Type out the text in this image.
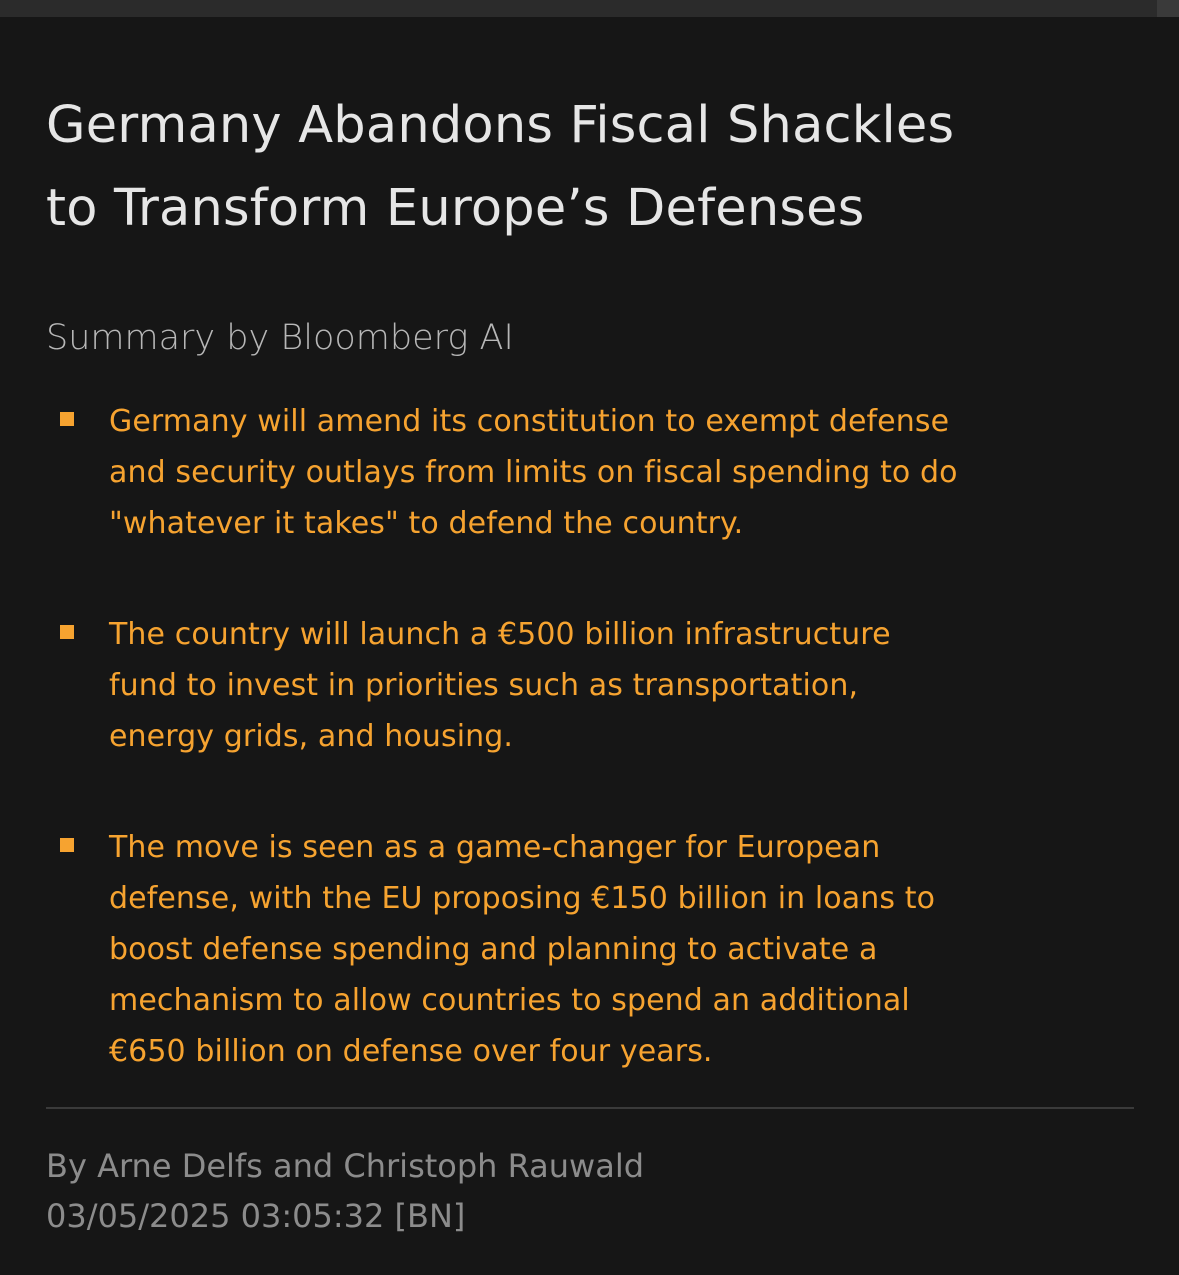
Germany Abandons Fiscal Shackles
to Transform Europe’s Defenses
Summary by Bloomberg AI
Germany will amend its constitution to exempt defense
and security outlays from limits on fiscal spending to do
"whatever it takes" to defend the country.
The country will launch a €500 billion infrastructure
fund to invest in priorities such as transportation,
energy grids, and housing.
The move is seen as a game-changer for European
defense, with the EU proposing €150 billion in loans to
boost defense spending and planning to activate a
mechanism to allow countries to spend an additional
€650 billion on defense over four years.
By Arne Delfs and Christoph Rauwald
03/05/2025 03:05:32 [BN]
